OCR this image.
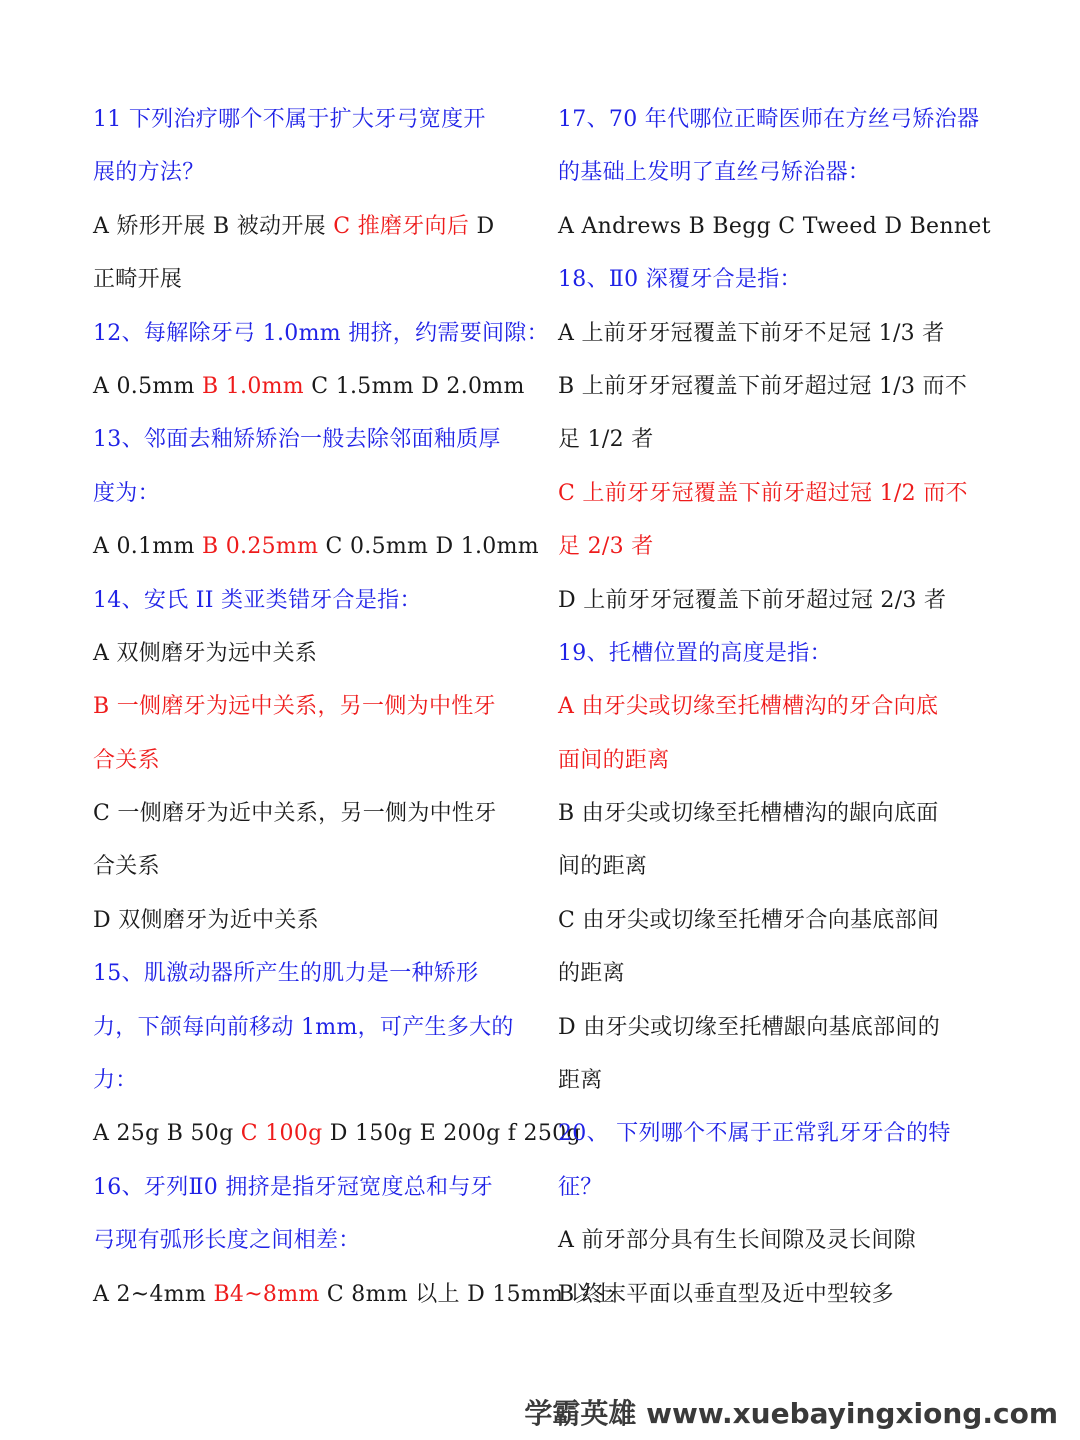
11 下列治疗哪个不属于扩大牙弓宽度开
展的方法？
A 矫形开展 B 被动开展 C 推磨牙向后 D
正畸开展
12、每解除牙弓 1.0mm 拥挤，约需要间隙：
A 0.5mm B 1.0mm C 1.5mm D 2.0mm
13、邻面去釉矫矫治一般去除邻面釉质厚
度为：
A 0.1mm B 0.25mm C 0.5mm D 1.0mm
14、安氏 II 类亚类错牙合是指：
A 双侧磨牙为远中关系
B 一侧磨牙为远中关系，另一侧为中性牙
合关系
C 一侧磨牙为近中关系，另一侧为中性牙
合关系
D 双侧磨牙为近中关系
15、肌激动器所产生的肌力是一种矫形
力，下颌每向前移动 1mm，可产生多大的
力：
A 25g B 50g C 100g D 150g E 200g f 250g
16、牙列Ⅱ0 拥挤是指牙冠宽度总和与牙
弓现有弧形长度之间相差：
A 2~4mm B4~8mm C 8mm 以上 D 15mm 以上
17、70 年代哪位正畸医师在方丝弓矫治器
的基础上发明了直丝弓矫治器：
A Andrews B Begg C Tweed D Bennet
18、Ⅱ0 深覆牙合是指：
A 上前牙牙冠覆盖下前牙不足冠 1/3 者
B 上前牙牙冠覆盖下前牙超过冠 1/3 而不
足 1/2 者
C 上前牙牙冠覆盖下前牙超过冠 1/2 而不
足 2/3 者
D 上前牙牙冠覆盖下前牙超过冠 2/3 者
19、托槽位置的高度是指：
A 由牙尖或切缘至托槽槽沟的牙合向底
面间的距离
B 由牙尖或切缘至托槽槽沟的龈向底面
间的距离
C 由牙尖或切缘至托槽牙合向基底部间
的距离
D 由牙尖或切缘至托槽龈向基底部间的
距离
20、 下列哪个不属于正常乳牙牙合的特
征？
A 前牙部分具有生长间隙及灵长间隙
B 终末平面以垂直型及近中型较多
学霸英雄 www.xuebayingxiong.com
